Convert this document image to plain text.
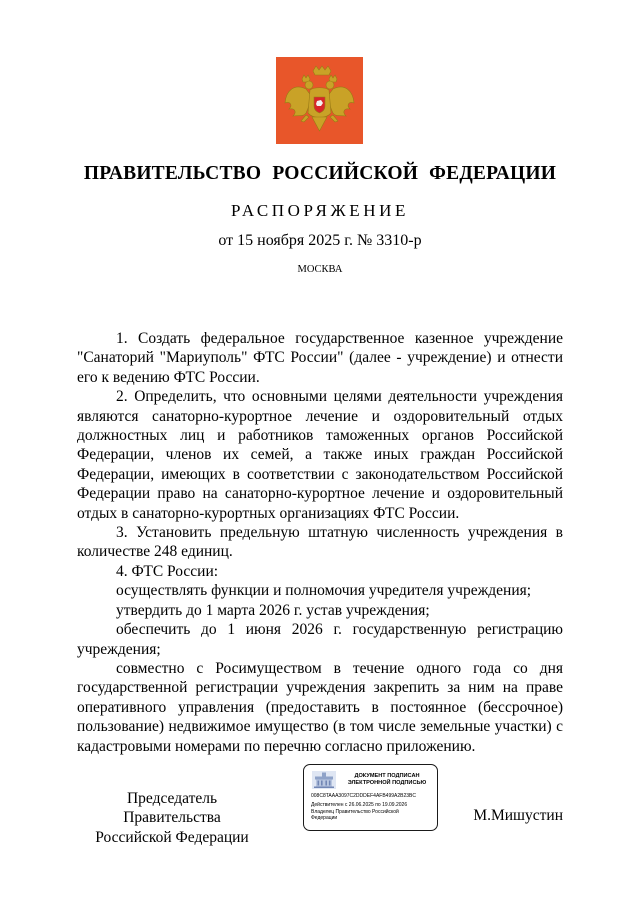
ПРАВИТЕЛЬСТВО РОССИЙСКОЙ ФЕДЕРАЦИИ
РАСПОРЯЖЕНИЕ
от 15 ноября 2025 г. № 3310-р
МОСКВА

1. Создать федеральное государственное казенное учреждение "Санаторий "Мариуполь" ФТС России" (далее - учреждение) и отнести его к ведению ФТС России.

2. Определить, что основными целями деятельности учреждения являются санаторно-курортное лечение и оздоровительный отдых должностных лиц и работников таможенных органов Российской Федерации, членов их семей, а также иных граждан Российской Федерации, имеющих в соответствии с законодательством Российской Федерации право на санаторно-курортное лечение и оздоровительный отдых в санаторно-курортных организациях ФТС России.

3. Установить предельную штатную численность учреждения в количестве 248 единиц.

4. ФТС России:

осуществлять функции и полномочия учредителя учреждения;

утвердить до 1 марта 2026 г. устав учреждения;

обеспечить до 1 июня 2026 г. государственную регистрацию учреждения;

совместно с Росимуществом в течение одного года со дня государственной регистрации учреждения закрепить за ним на праве оперативного управления (предоставить в постоянное (бессрочное) пользование) недвижимое имущество (в том числе земельные участки) с кадастровыми номерами по перечню согласно приложению.

Председатель Правительства
Российской Федерации
ДОКУМЕНТ ПОДПИСАН
ЭЛЕКТРОННОЙ ПОДПИСЬЮ
008C8TAAA3097C2DDDEF4AFB499A2B23BC
Действителен с 26.06.2025 по 19.09.2026
Владелец Правительство Российской
Федерации	М.Мишустин
